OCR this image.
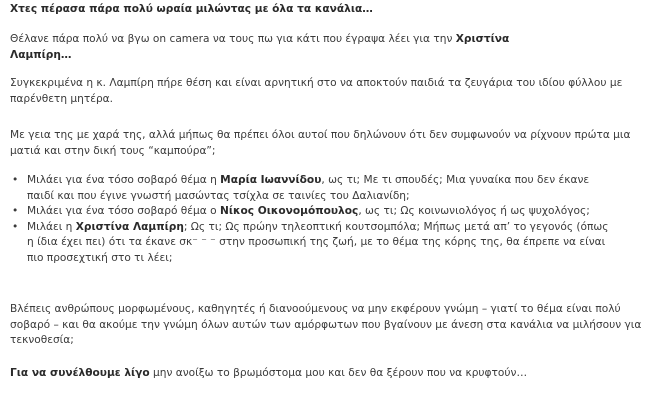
Χτες πέρασα πάρα πολύ ωραία μιλώντας με όλα τα κανάλια…

Θέλανε πάρα πολύ να βγω on camera να τους πω για κάτι που έγραψα λέει για την Χριστίνα Λαμπίρη…

Συγκεκριμένα η κ. Λαμπίρη πήρε θέση και είναι αρνητική στο να αποκτούν παιδιά τα ζευγάρια του ιδίου φύλλου με παρένθετη μητέρα.

Με γεια της με χαρά της, αλλά μήπως θα πρέπει όλοι αυτοί που δηλώνουν ότι δεν συμφωνούν να ρίχνουν πρώτα μια ματιά και στην δική τους “καμπούρα”;

• Μιλάει για ένα τόσο σοβαρό θέμα η Μαρία Ιωαννίδου, ως τι; Με τι σπουδές; Μια γυναίκα που δεν έκανε παιδί και που έγινε γνωστή μασώντας τσίχλα σε ταινίες του Δαλιανίδη;
• Μιλάει για ένα τόσο σοβαρό θέμα ο Νίκος Οικονομόπουλος, ως τι; Ως κοινωνιολόγος ή ως ψυχολόγος;
• Μιλάει η Χριστίνα Λαμπίρη; Ως τι; Ως πρώην τηλεοπτική κουτσομπόλα; Μήπως μετά απ’ το γεγονός (όπως η ίδια έχει πει) ότι τα έκανε σκ⁻ ⁻ ⁻ στην προσωπική της ζωή, με το θέμα της κόρης της, θα έπρεπε να είναι πιο προσεχτική στο τι λέει;

Βλέπεις ανθρώπους μορφωμένους, καθηγητές ή διανοούμενους να μην εκφέρουν γνώμη – γιατί το θέμα είναι πολύ σοβαρό – και θα ακούμε την γνώμη όλων αυτών των αμόρφωτων που βγαίνουν με άνεση στα κανάλια να μιλήσουν για τεκνοθεσία;

Για να συνέλθουμε λίγο μην ανοίξω το βρωμόστομα μου και δεν θα ξέρουν που να κρυφτούν…
